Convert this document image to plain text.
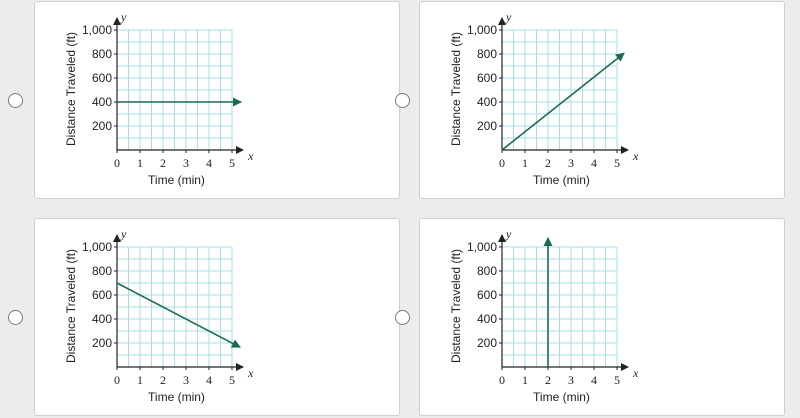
0 1 2 3 4 5
200
400
600
800
1,000
y
x
Time (min)
Distance Traveled (ft)
0 1 2 3 4 5
200
400
600
800
1,000
y
x
Time (min)
Distance Traveled (ft)
0 1 2 3 4 5
200
400
600
800
1,000
y
x
Time (min)
Distance Traveled (ft)
0 1 2 3 4 5
200
400
600
800
1,000
y
x
Time (min)
Distance Traveled (ft)
